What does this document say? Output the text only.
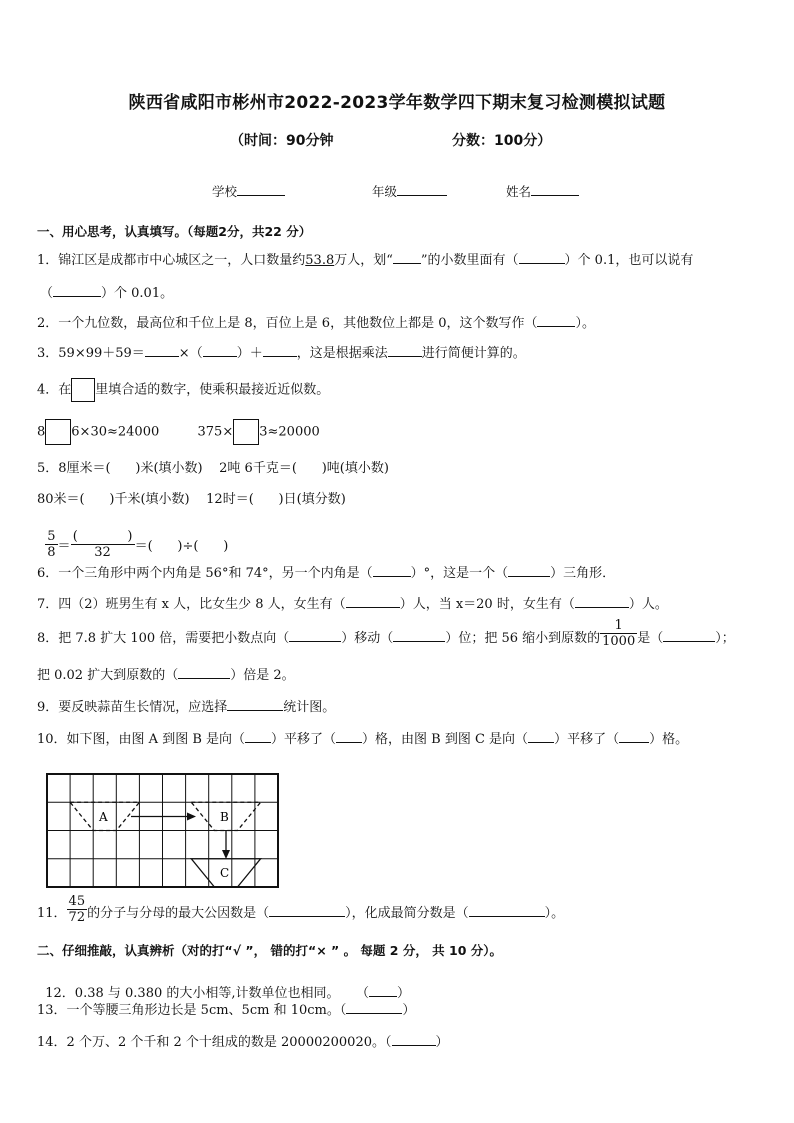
陕西省咸阳市彬州市2022-2023学年数学四下期末复习检测模拟试题
（时间：90分钟	分数：100分）
学校	年级	姓名
一、用心思考，认真填写。（每题2分，共22 分）
1．锦江区是成都市中心城区之一，人口数量约53.8万人，划“ ”的小数里面有（	）个 0.1，也可以说有
（	）个 0.01。
2．一个九位数，最高位和千位上是 8，百位上是 6，其他数位上都是 0，这个数写作（	）。
3．59×99＋59＝	×（	）＋	，这是根据乘法	进行简便计算的。
4．在 里填合适的数字，使乘积最接近近似数。
8 6×30≈24000	375× 3≈20000
5．8厘米＝(      )米(填小数)    2吨 6千克＝(      )吨(填小数)
80米＝(      )千米(填小数)    12时＝(      )日(填分数)

$\frac{5}{8} = \frac{( )}{32}$ ＝(      )÷(      )

6．一个三角形中两个内角是 56°和 74°，另一个内角是（	）°，这是一个（	）三角形．
7．四（2）班男生有 x 人，比女生少 8 人，女生有（	）人，当 x＝20 时，女生有（	）人。
8．把 7.8 扩大 100 倍，需要把小数点向（	）移动（	）位；把 56 缩小到原数的 $\frac{1}{1000}$ 是（	）；
把 0.02 扩大到原数的（	）倍是 2。
9．要反映蒜苗生长情况，应选择	统计图。
10．如下图，由图 A 到图 B 是向（ ）平移了（ ）格，由图 B 到图 C 是向（ ）平移了（ ）格。
A	B
C
11． $\frac{45}{72}$ 的分子与分母的最大公因数是（	），化成最简分数是（	）。
二、仔细推敲，认真辨析（对的打“√ ”， 错的打“× ” 。 每题 2 分， 共 10 分）。

12．0.38 与 0.380 的大小相等,计数单位也相同。    （ ）

13．一个等腰三角形边长是 5cm、5cm 和 10cm。（	）
14．2 个万、2 个千和 2 个十组成的数是 20000200020。（	）
